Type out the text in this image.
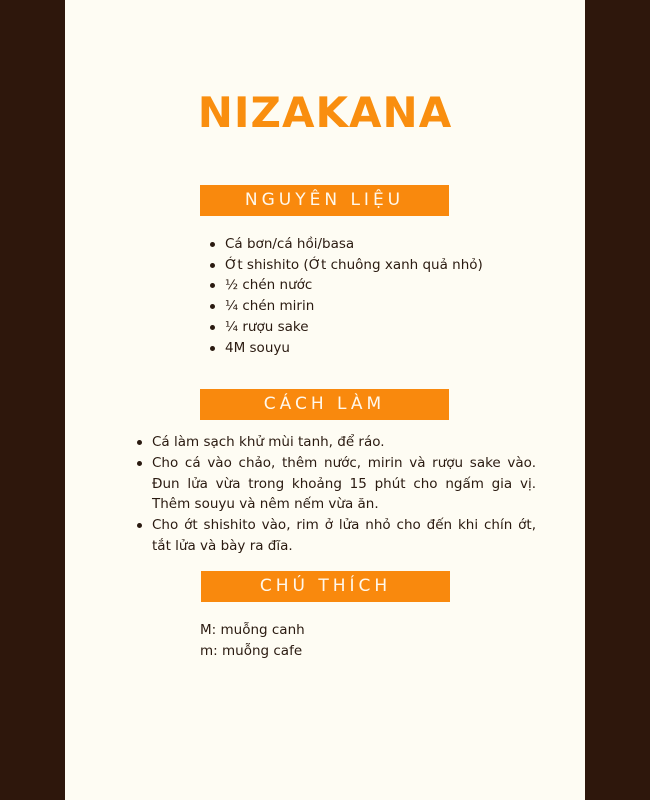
NIZAKANA
NGUYÊN LIỆU
Cá bơn/cá hồi/basa
Ớt shishito (Ớt chuông xanh quả nhỏ)
½ chén nước
¼ chén mirin
¼ rượu sake
4M souyu
CÁCH LÀM
Cá làm sạch khử mùi tanh, để ráo.
Cho cá vào chảo, thêm nước, mirin và rượu sake vào. Đun lửa vừa trong khoảng 15 phút cho ngấm gia vị. Thêm souyu và nêm nếm vừa ăn.
Cho ớt shishito vào, rim ở lửa nhỏ cho đến khi chín ớt, tắt lửa và bày ra đĩa.
CHÚ THÍCH
M: muỗng canh
m: muỗng cafe
